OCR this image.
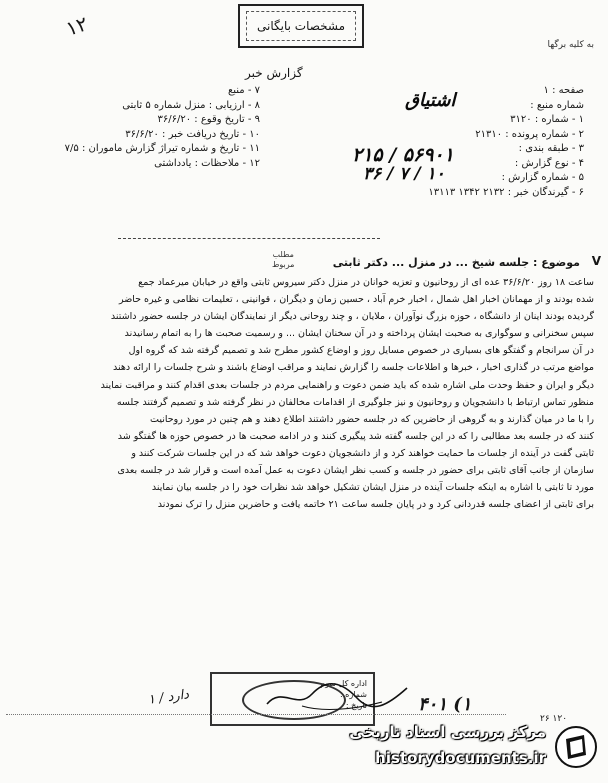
۱۲	مشخصات بایگانی
به کلیه برگها
گزارش خبر
صفحه : ۱
شماره منبع :
۱ - شماره : ۳۱۲۰
۲ - شماره پرونده : ۲۱۳۱۰
۳ - طبقه بندی :
۴ - نوع گزارش :
۵ - شماره گزارش :
۶ - گیرندگان خبر : ۲۱۳۲ ۱۳۴۲ ۱۳۱۱۳
۷ - منبع
۸ - ارزیابی : منزل شماره ۵ ثابتی
۹ - تاریخ وقوع : ۳۶/۶/۲۰
۱۰ - تاریخ دریافت خبر : ۳۶/۶/۲۰
۱۱ - تاریخ و شماره تیراژ گزارش ماموران : ۷/۵
۱۲ - ملاحظات : یادداشتی
اشتیاق
۲۱۵ / ۵۶۹۰۱
۳۶ / ۷ / ۱۰
مطلب
مربوط	V
موضوع : جلسه شیخ ... در منزل ... دکتر ثابتی
ساعت ۱۸ روز ۳۶/۶/۲۰ عده ای از روحانیون و تعزیه خوانان در منزل دکتر سیروس ثابتی واقع در خیابان میرعماد جمع
شده بودند و از مهمانان اخبار اهل شمال ، اخبار خرم آباد ، حسین زمان و دیگران ، قوانینی ، تعلیمات نظامی و غیره حاضر
گردیده بودند اینان از دانشگاه ، حوزه بزرگ نوآوران ، ملایان ، و چند روحانی دیگر از نمایندگان ایشان در جلسه حضور داشتند
سپس سخنرانی و سوگواری به صحبت ایشان پرداخته و در آن سخنان ایشان ... و رسمیت صحبت ها را به اتمام رسانیدند
در آن سرانجام و گفتگو های بسیاری در خصوص مسایل روز و اوضاع کشور مطرح شد و تصمیم گرفته شد که گروه اول
مواضع مرتب در گذاری اخبار ، خبرها و اطلاعات جلسه را گزارش نمایند و مراقب اوضاع باشند و شرح جلسات را ارائه دهند
دیگر و ایران و حفظ وحدت ملی اشاره شده که باید ضمن دعوت و راهنمایی مردم در جلسات بعدی اقدام کنند و مراقبت نمایند
منظور تماس ارتباط با دانشجویان و روحانیون و نیز جلوگیری از اقدامات مخالفان در نظر گرفته شد و تصمیم گرفتند جلسه
را با ما در میان گذارند و به گروهی از حاضرین که در جلسه حضور داشتند اطلاع دهند و هم چنین در مورد روحانیت
کنند که در جلسه بعد مطالبی را که در این جلسه گفته شد پیگیری کنند و در ادامه صحبت ها در خصوص حوزه ها گفتگو شد
ثابتی گفت در آینده از جلسات ما حمایت خواهند کرد و از دانشجویان دعوت خواهد شد که در این جلسات شرکت کنند و
سازمان از جانب آقای ثابتی برای حضور در جلسه و کسب نظر ایشان دعوت به عمل آمده است و قرار شد در جلسه بعدی
مورد تا ثابتی با اشاره به اینکه جلسات آینده در منزل ایشان تشکیل خواهد شد نظرات خود را در جلسه بیان نمایند
برای ثابتی از اعضای جلسه قدردانی کرد و در پایان جلسه ساعت ۲۱ خاتمه یافت و حاضرین منزل را ترک نمودند
دارد / ۱
اداره کل سوم
شماره :
تاریخ :	۴۰۱ (۱
۲۶ ۱۲۰
مرکز بررسی اسناد تاریخی
historydocuments.ir
